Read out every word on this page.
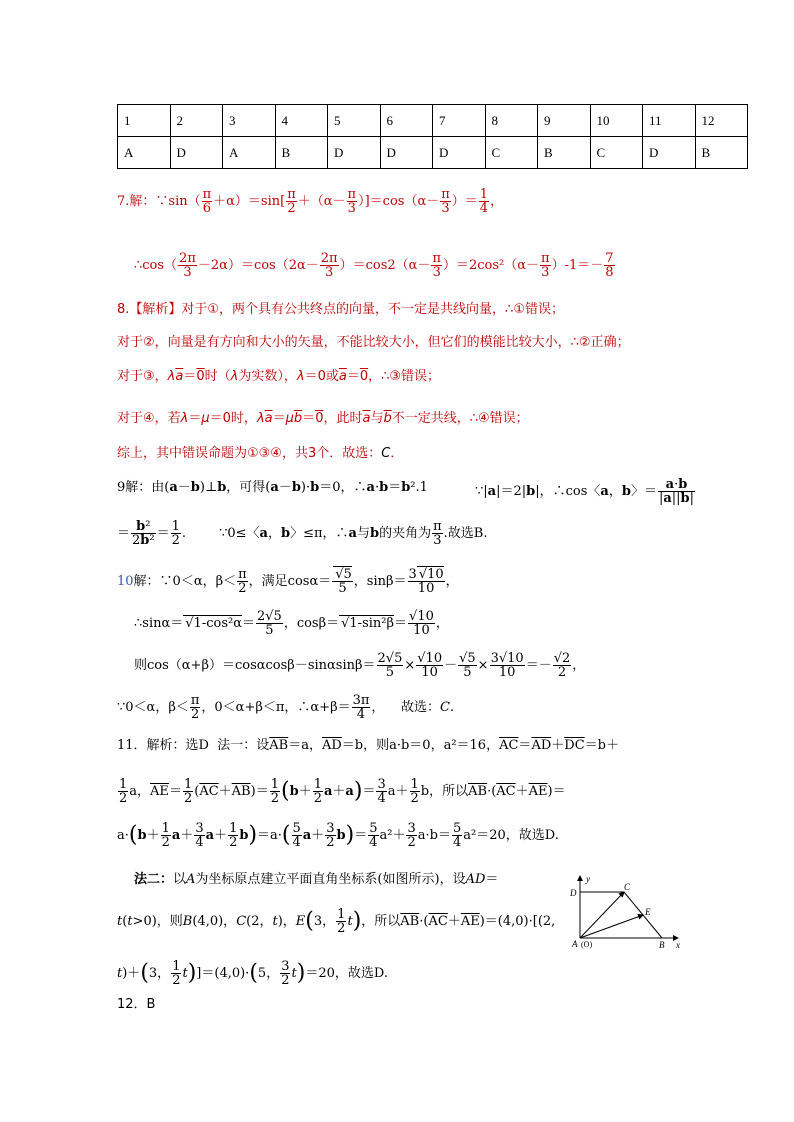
1	2	3	4	5	6	7	8	9	10	11	12
A	D	A	B	D	D	D	C	B	C	D	B
7.解：∵sin（ $\frac{\pi}{6} +\alpha)=\sin[ \frac{\pi}{2} +(\alpha- \frac{\pi}{3} )]=\cos(\alpha- \frac{\pi}{3}$ ）＝ $\frac{1}{4}$ ，
∴cos（ $\frac{2\pi}{3} -2\alpha)=\cos(2\alpha- \frac{2\pi}{3} )=\cos 2(\alpha- \frac{\pi}{3} )=2\cos^2(\alpha- \frac{\pi}{3} )-1=- \frac{7}{8}$
8.【解析】对于①，两个具有公共终点的向量，不一定是共线向量，∴①错误；
对于②，向量是有方向和大小的矢量，不能比较大小，但它们的模能比较大小，∴②正确；
对于③，$\lambda\overline{a}=0$时（λ为实数），λ＝0或$\overline{a}=0$，∴③错误；
对于④，若λ＝μ＝0时，$\lambda\overline{a}=\mu\overline{b}=0$，此时$\overline{a}$与$\overline{b}$不一定共线，∴④错误；
综上，其中错误命题为①③④，共3个．故选：C．
9解：由(a－b)⊥b，可得(a－b)·b＝0，∴a·b＝b².1	∵|a|＝2|b|，∴cos〈a，b〉＝ $\frac{a\cdot b}{|a||b|}$
＝ $\frac{\text{b²}}{\text{2b²}} = \frac{1}{2}$ .        ∵0≤〈a，b〉≤π，∴a与b的夹角为 $\frac{\pi}{3}$ .故选B.
10解：∵0＜α，$\beta< \frac{\pi}{2}$ ，满足$\cos\alpha= \frac{√5}{5}$ ，$\sin\beta= \frac{3 √10}{10}$ ，
∴sinα＝ $√1-\cos^2\alpha= \frac{2√5}{5}$ ，$\cos\beta= √1-\sin^2\beta= \frac{√10}{10}$ ，
则$\cos(\alpha+\beta)=\cos\alpha\cos\beta-\sin\alpha\sin\beta= \frac{2√5}{5} \times \frac{√10}{10} - \frac{√5}{5} \times \frac{3√10}{10} =- \frac{√2}{2}$ ，
∵0＜α，$\beta< \frac{\pi}{2}$ ，0＜α+β＜π，∴α+β＝ $\frac{3\pi}{4}$ ，    故选：C.
11．解析：选D  法一：设$\overline{AB}=a$，$\overline{AD}=b$，则a·b＝0，a²＝16，$\overline{AC}=\overline{AD}+\overline{DC}=b+$
$\frac{1}{2}$ a，$\overline{AE}= \frac{1}{2} (\overline{AC}+\overline{AB})= \frac{1}{2} (b+ \frac{1}{2} a+a)= \frac{3}{4} a+ \frac{1}{2}$ b，所以$\overline{AB}\cdot(\overline{AC}+\overline{AE})=$
$a\cdot(b+ \frac{1}{2} a+ \frac{3}{4} a+ \frac{1}{2} b)=a\cdot( \frac{5}{4} a+ \frac{3}{2} b)= \frac{5}{4} a^2+ \frac{3}{2} a\cdot b= \frac{5}{4} a^2=20$，故选D.
法二：以A为坐标原点建立平面直角坐标系(如图所示)，设AD＝
t(t>0)，则B(4,0)，C(2，t)，E(3， $\frac{1}{2} t$)，所以$\overline{AB}\cdot(\overline{AC}+\overline{AE})=(4,0)\cdot[(2$,
t)＋(3， $\frac{1}{2} t)]=(4,0)\cdot(5$， $\frac{3}{2} t)=20$，故选D.
y
x
D
C
E
A (O)	B
12．B
